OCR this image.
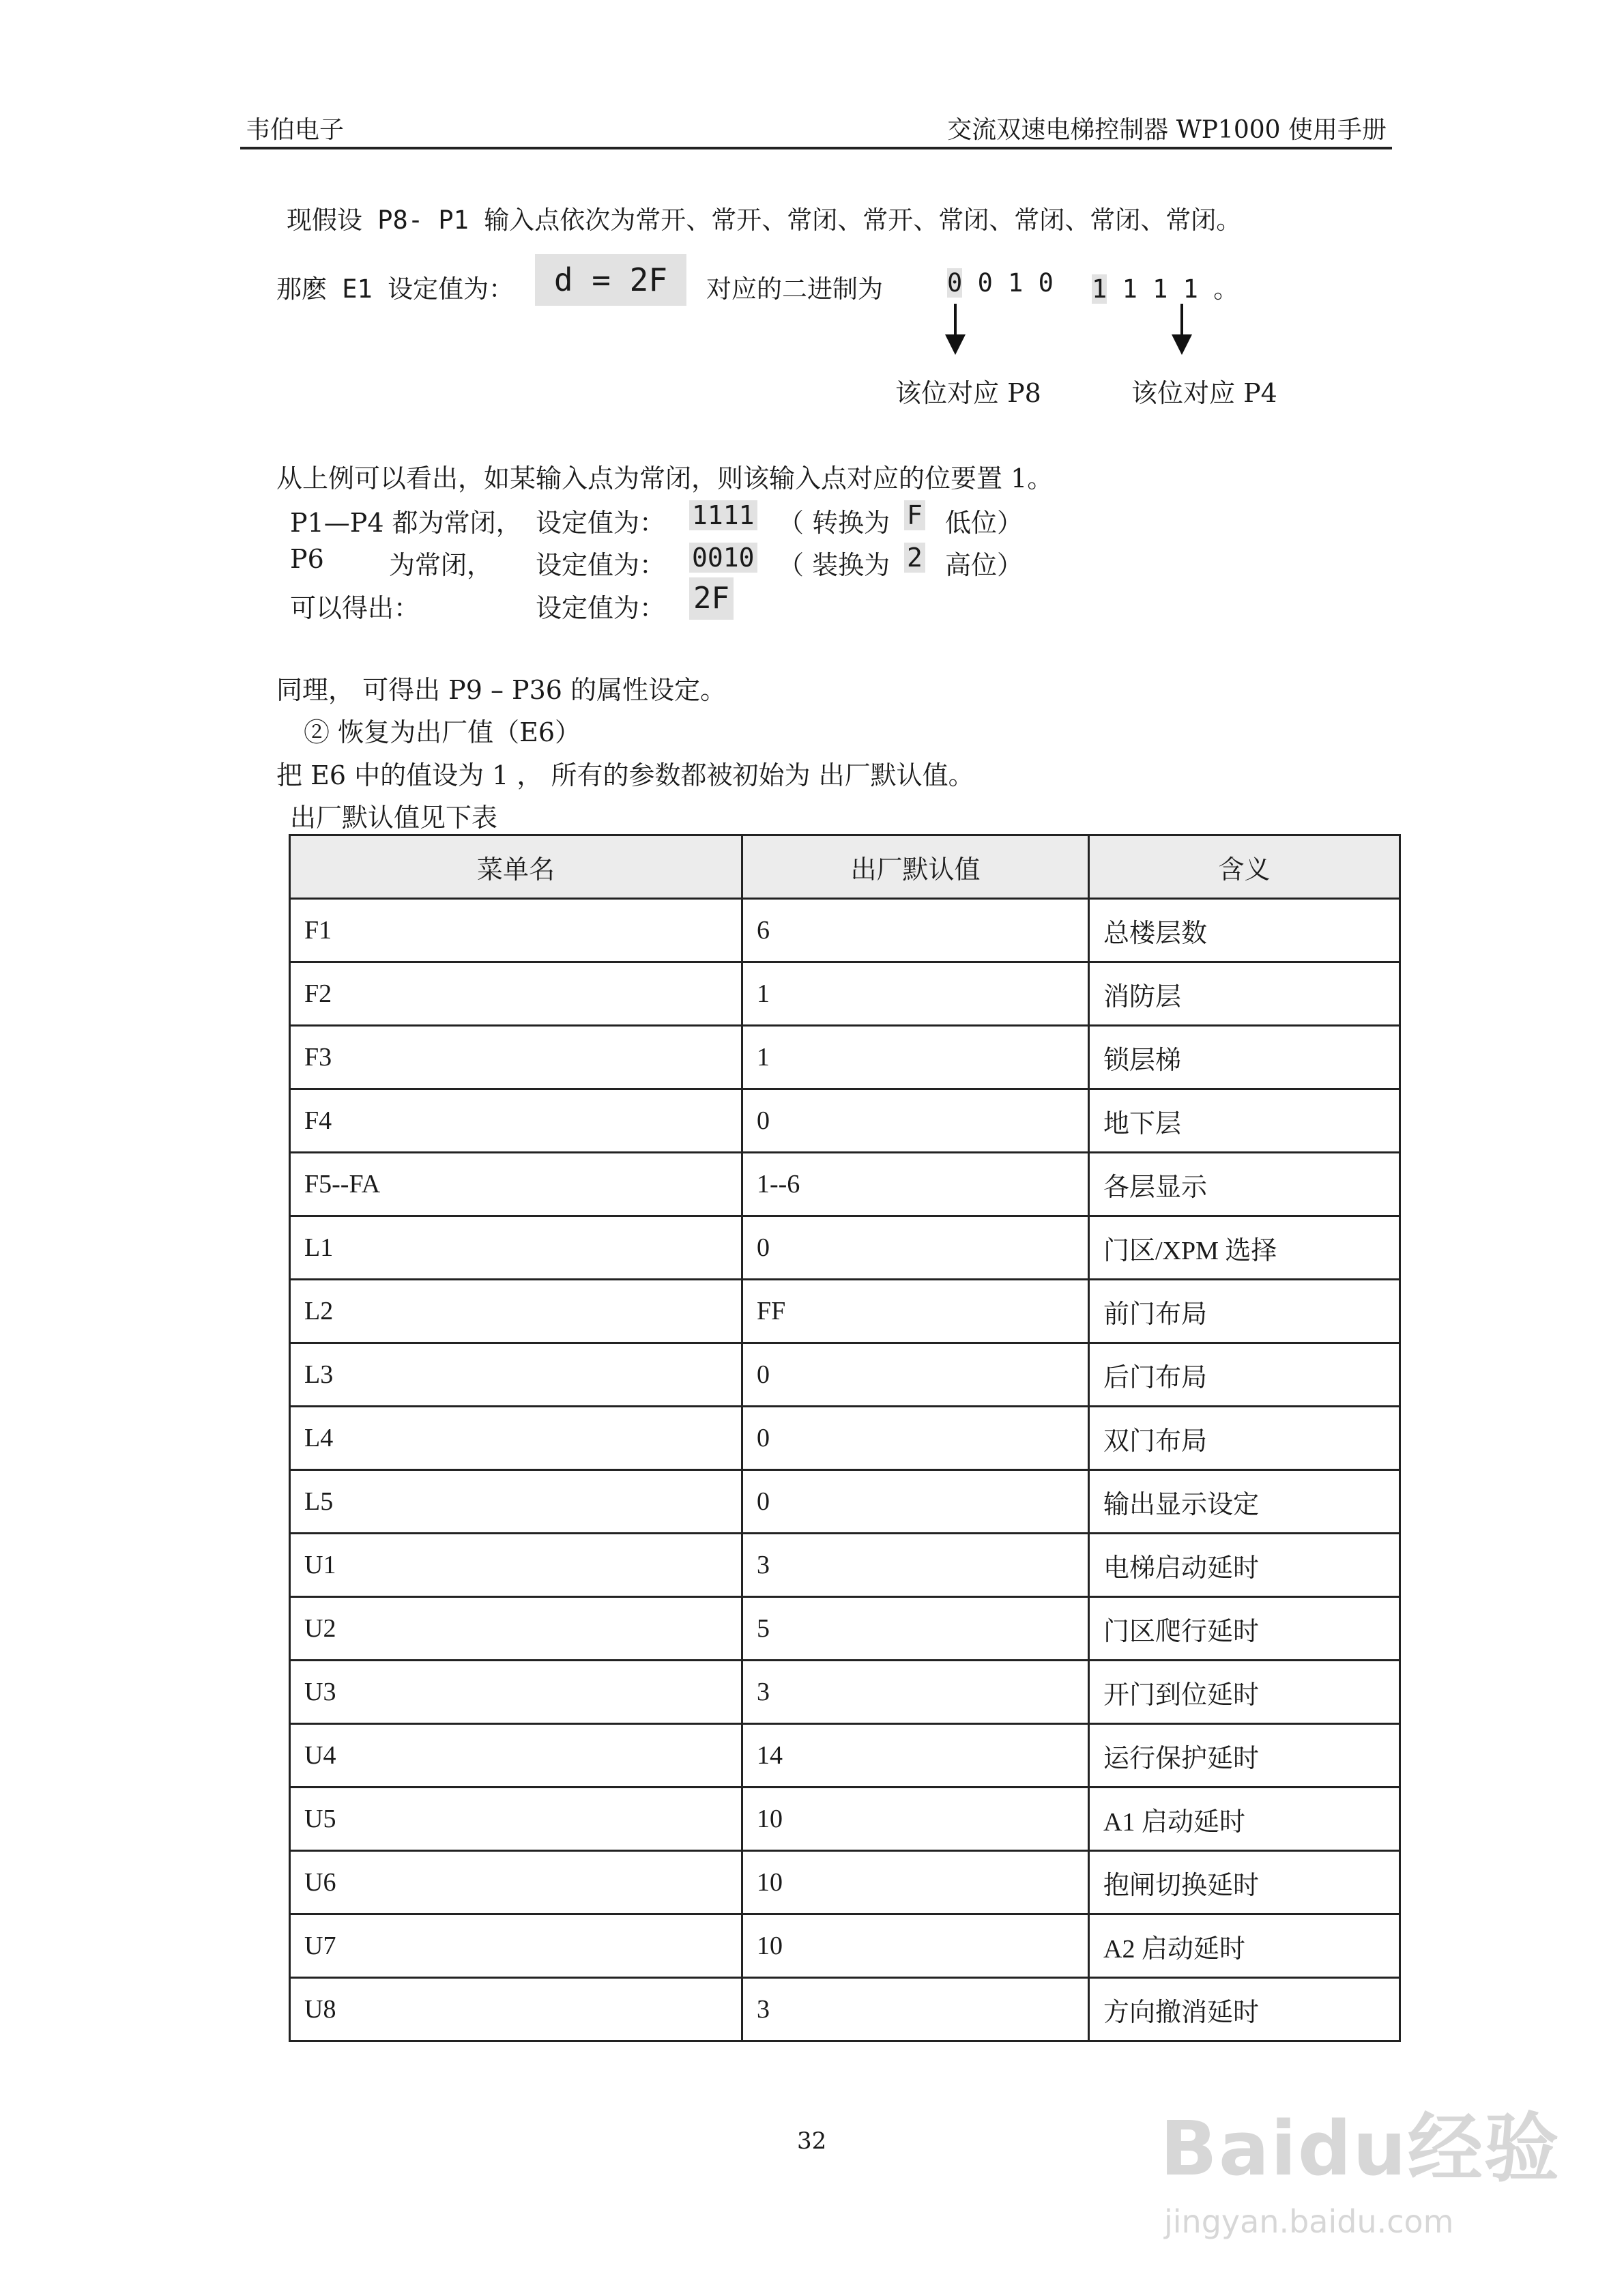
韦伯电子	交流双速电梯控制器 WP1000 使用手册
现假设 P8- P1 输入点依次为常开、常开、常闭、常开、常闭、常闭、常闭、常闭。
那麽 E1 设定值为：	d = 2F	对应的二进制为	0 0 1 0 1 1 1 1 。
该位对应 P8	该位对应 P4
从上例可以看出，如某输入点为常闭，则该输入点对应的位要置 1。
P1—P4 都为常闭， 设定值为： 1111 （ 转换为 F 低位）
P6	为常闭， 设定值为： 0010 （ 装换为 2 高位）
可以得出：	设定值为： 2F
同理， 可得出 P9 – P36 的属性设定。
② 恢复为出厂值（E6）
把 E6 中的值设为 1 ， 所有的参数都被初始为 出厂默认值。
出厂默认值见下表
菜单名	出厂默认值	含义
F1	6	总楼层数
F2	1	消防层
F3	1	锁层梯
F4	0	地下层
F5--FA	1--6	各层显示
L1	0	门区/XPM 选择
L2	FF	前门布局
L3	0	后门布局
L4	0	双门布局
L5	0	输出显示设定
U1	3	电梯启动延时
U2	5	门区爬行延时
U3	3	开门到位延时
U4	14	运行保护延时
U5	10	A1 启动延时
U6	10	抱闸切换延时
U7	10	A2 启动延时
U8	3	方向撤消延时
32	Baidu经验
jingyan.baidu.com
